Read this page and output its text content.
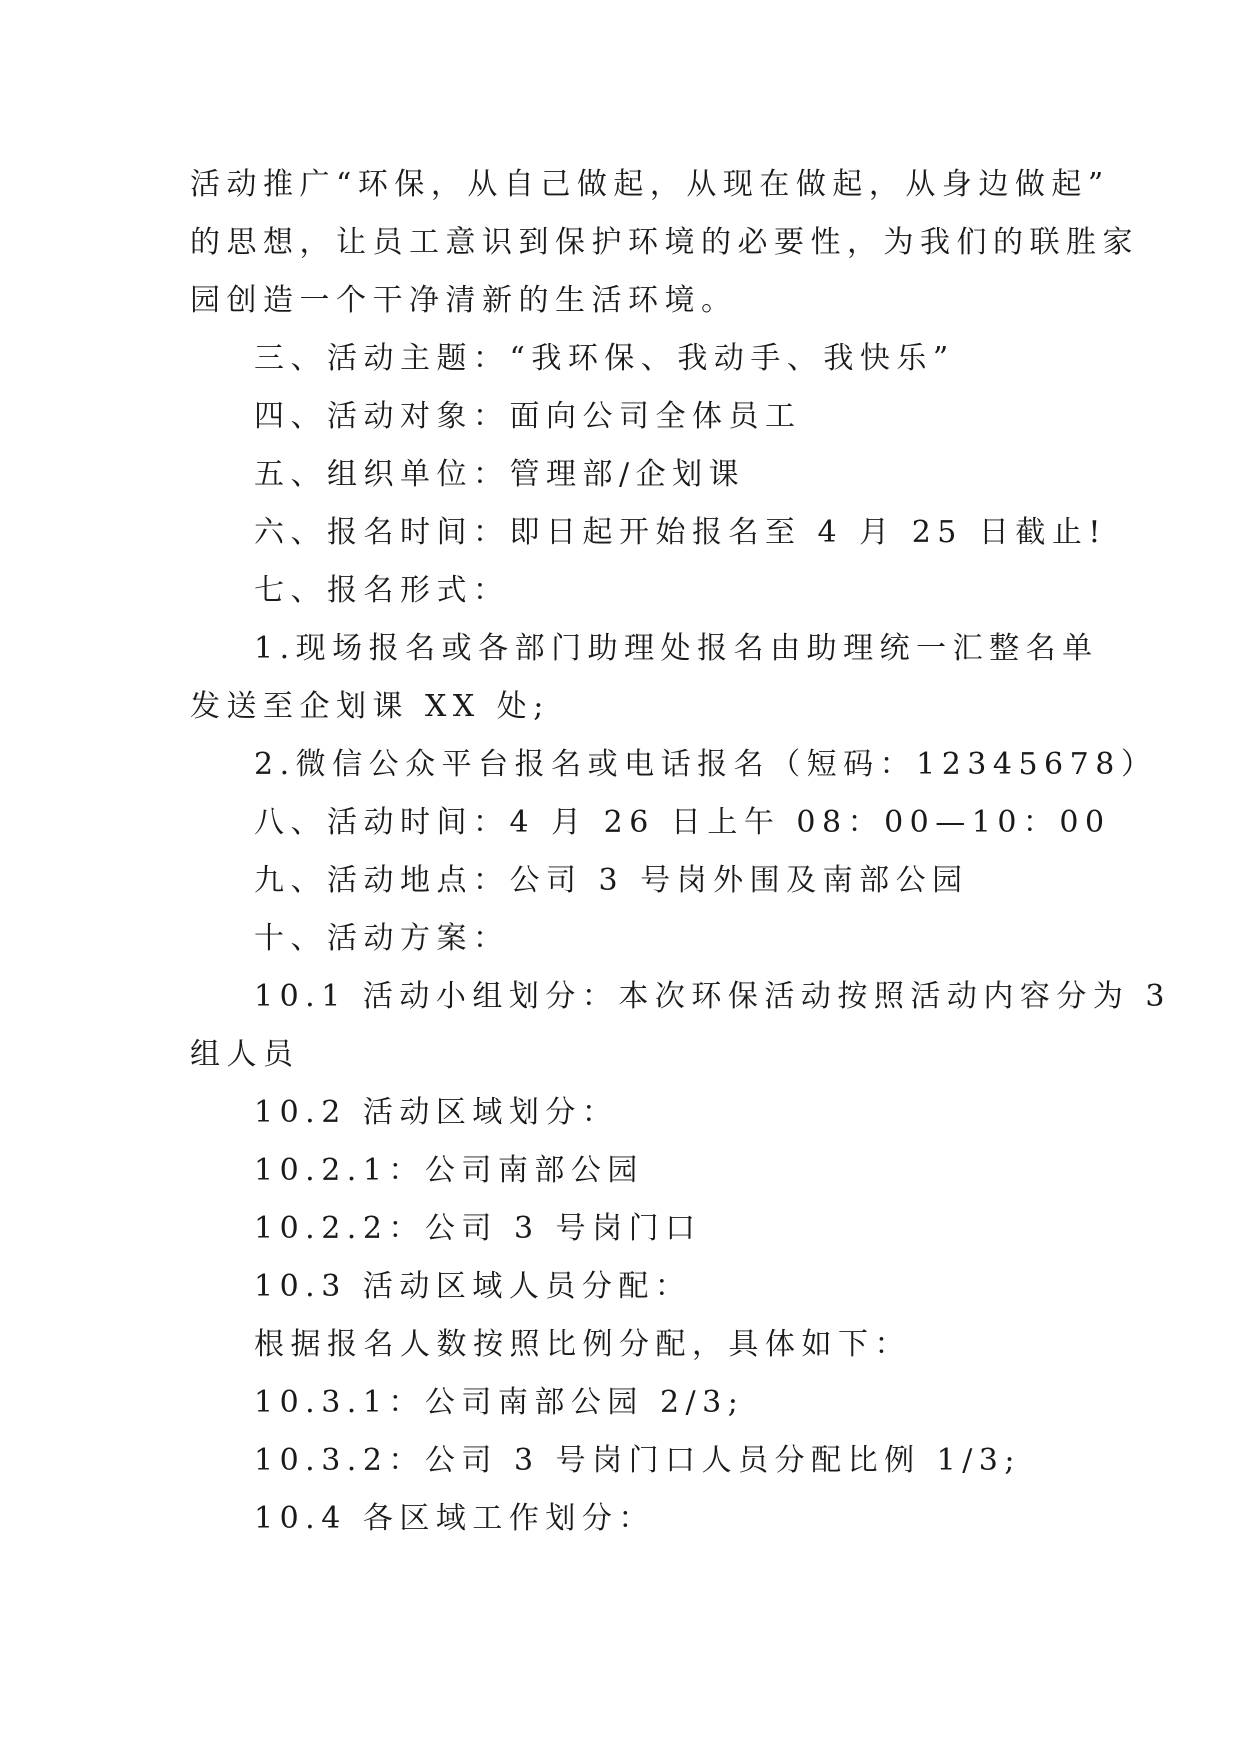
活动推广“环保，从自己做起，从现在做起，从身边做起”
的思想，让员工意识到保护环境的必要性，为我们的联胜家
园创造一个干净清新的生活环境。
三、活动主题：“我环保、我动手、我快乐”
四、活动对象：面向公司全体员工
五、组织单位：管理部/企划课
六、报名时间：即日起开始报名至 4 月 25 日截止!
七、报名形式：
1.现场报名或各部门助理处报名由助理统一汇整名单
发送至企划课 XX 处;
2.微信公众平台报名或电话报名（短码：12345678）
八、活动时间：4 月 26 日上午 08：00—10：00
九、活动地点：公司 3 号岗外围及南部公园
十、活动方案：
10.1 活动小组划分：本次环保活动按照活动内容分为 3
组人员
10.2 活动区域划分：
10.2.1：公司南部公园
10.2.2：公司 3 号岗门口
10.3 活动区域人员分配：
根据报名人数按照比例分配，具体如下：
10.3.1：公司南部公园 2/3;
10.3.2：公司 3 号岗门口人员分配比例 1/3;
10.4 各区域工作划分：
